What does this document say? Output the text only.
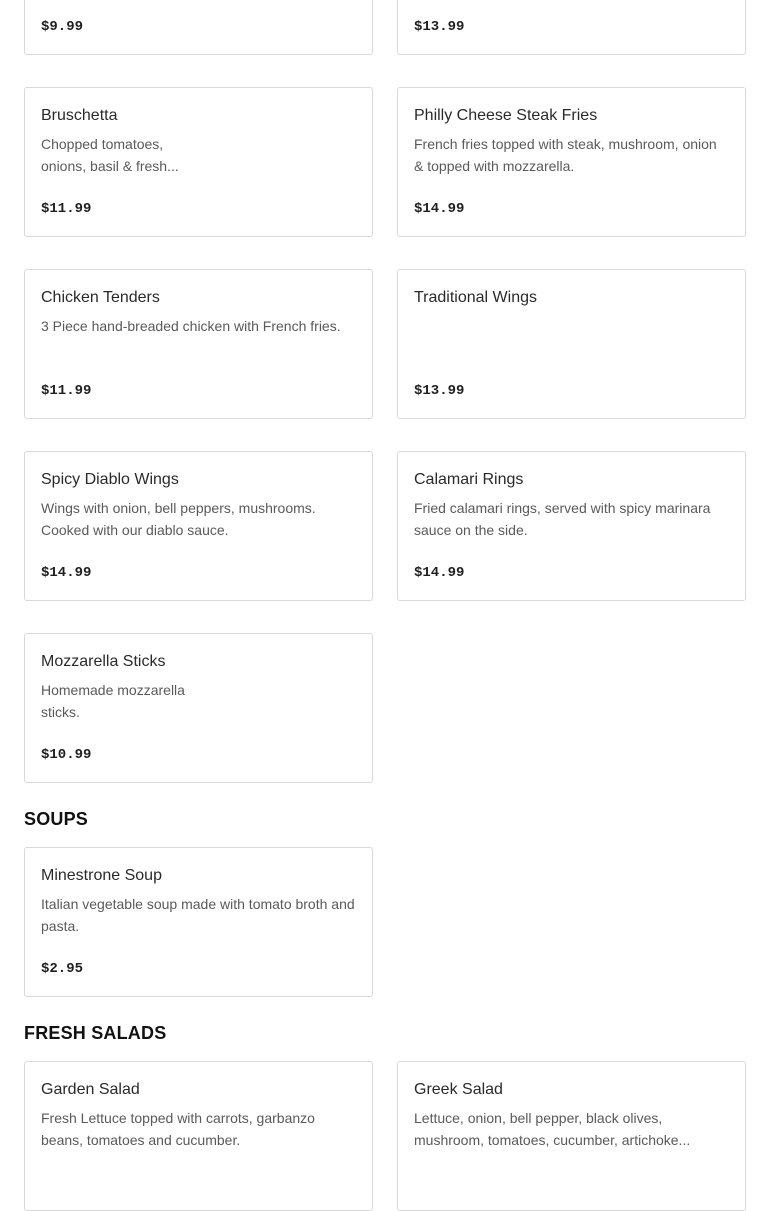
$9.99	$13.99
Bruschetta
Chopped tomatoes, onions, basil & fresh...
$11.99
Philly Cheese Steak Fries
French fries topped with steak, mushroom, onion & topped with mozzarella.
$14.99
Chicken Tenders
3 Piece hand-breaded chicken with French fries.
$11.99
Traditional Wings
$13.99
Spicy Diablo Wings
Wings with onion, bell peppers, mushrooms. Cooked with our diablo sauce.
$14.99
Calamari Rings
Fried calamari rings, served with spicy marinara sauce on the side.
$14.99
Mozzarella Sticks
Homemade mozzarella sticks.
$10.99
SOUPS
Minestrone Soup
Italian vegetable soup made with tomato broth and pasta.
$2.95
FRESH SALADS
Garden Salad
Fresh Lettuce topped with carrots, garbanzo beans, tomatoes and cucumber.
Greek Salad
Lettuce, onion, bell pepper, black olives, mushroom, tomatoes, cucumber, artichoke...
